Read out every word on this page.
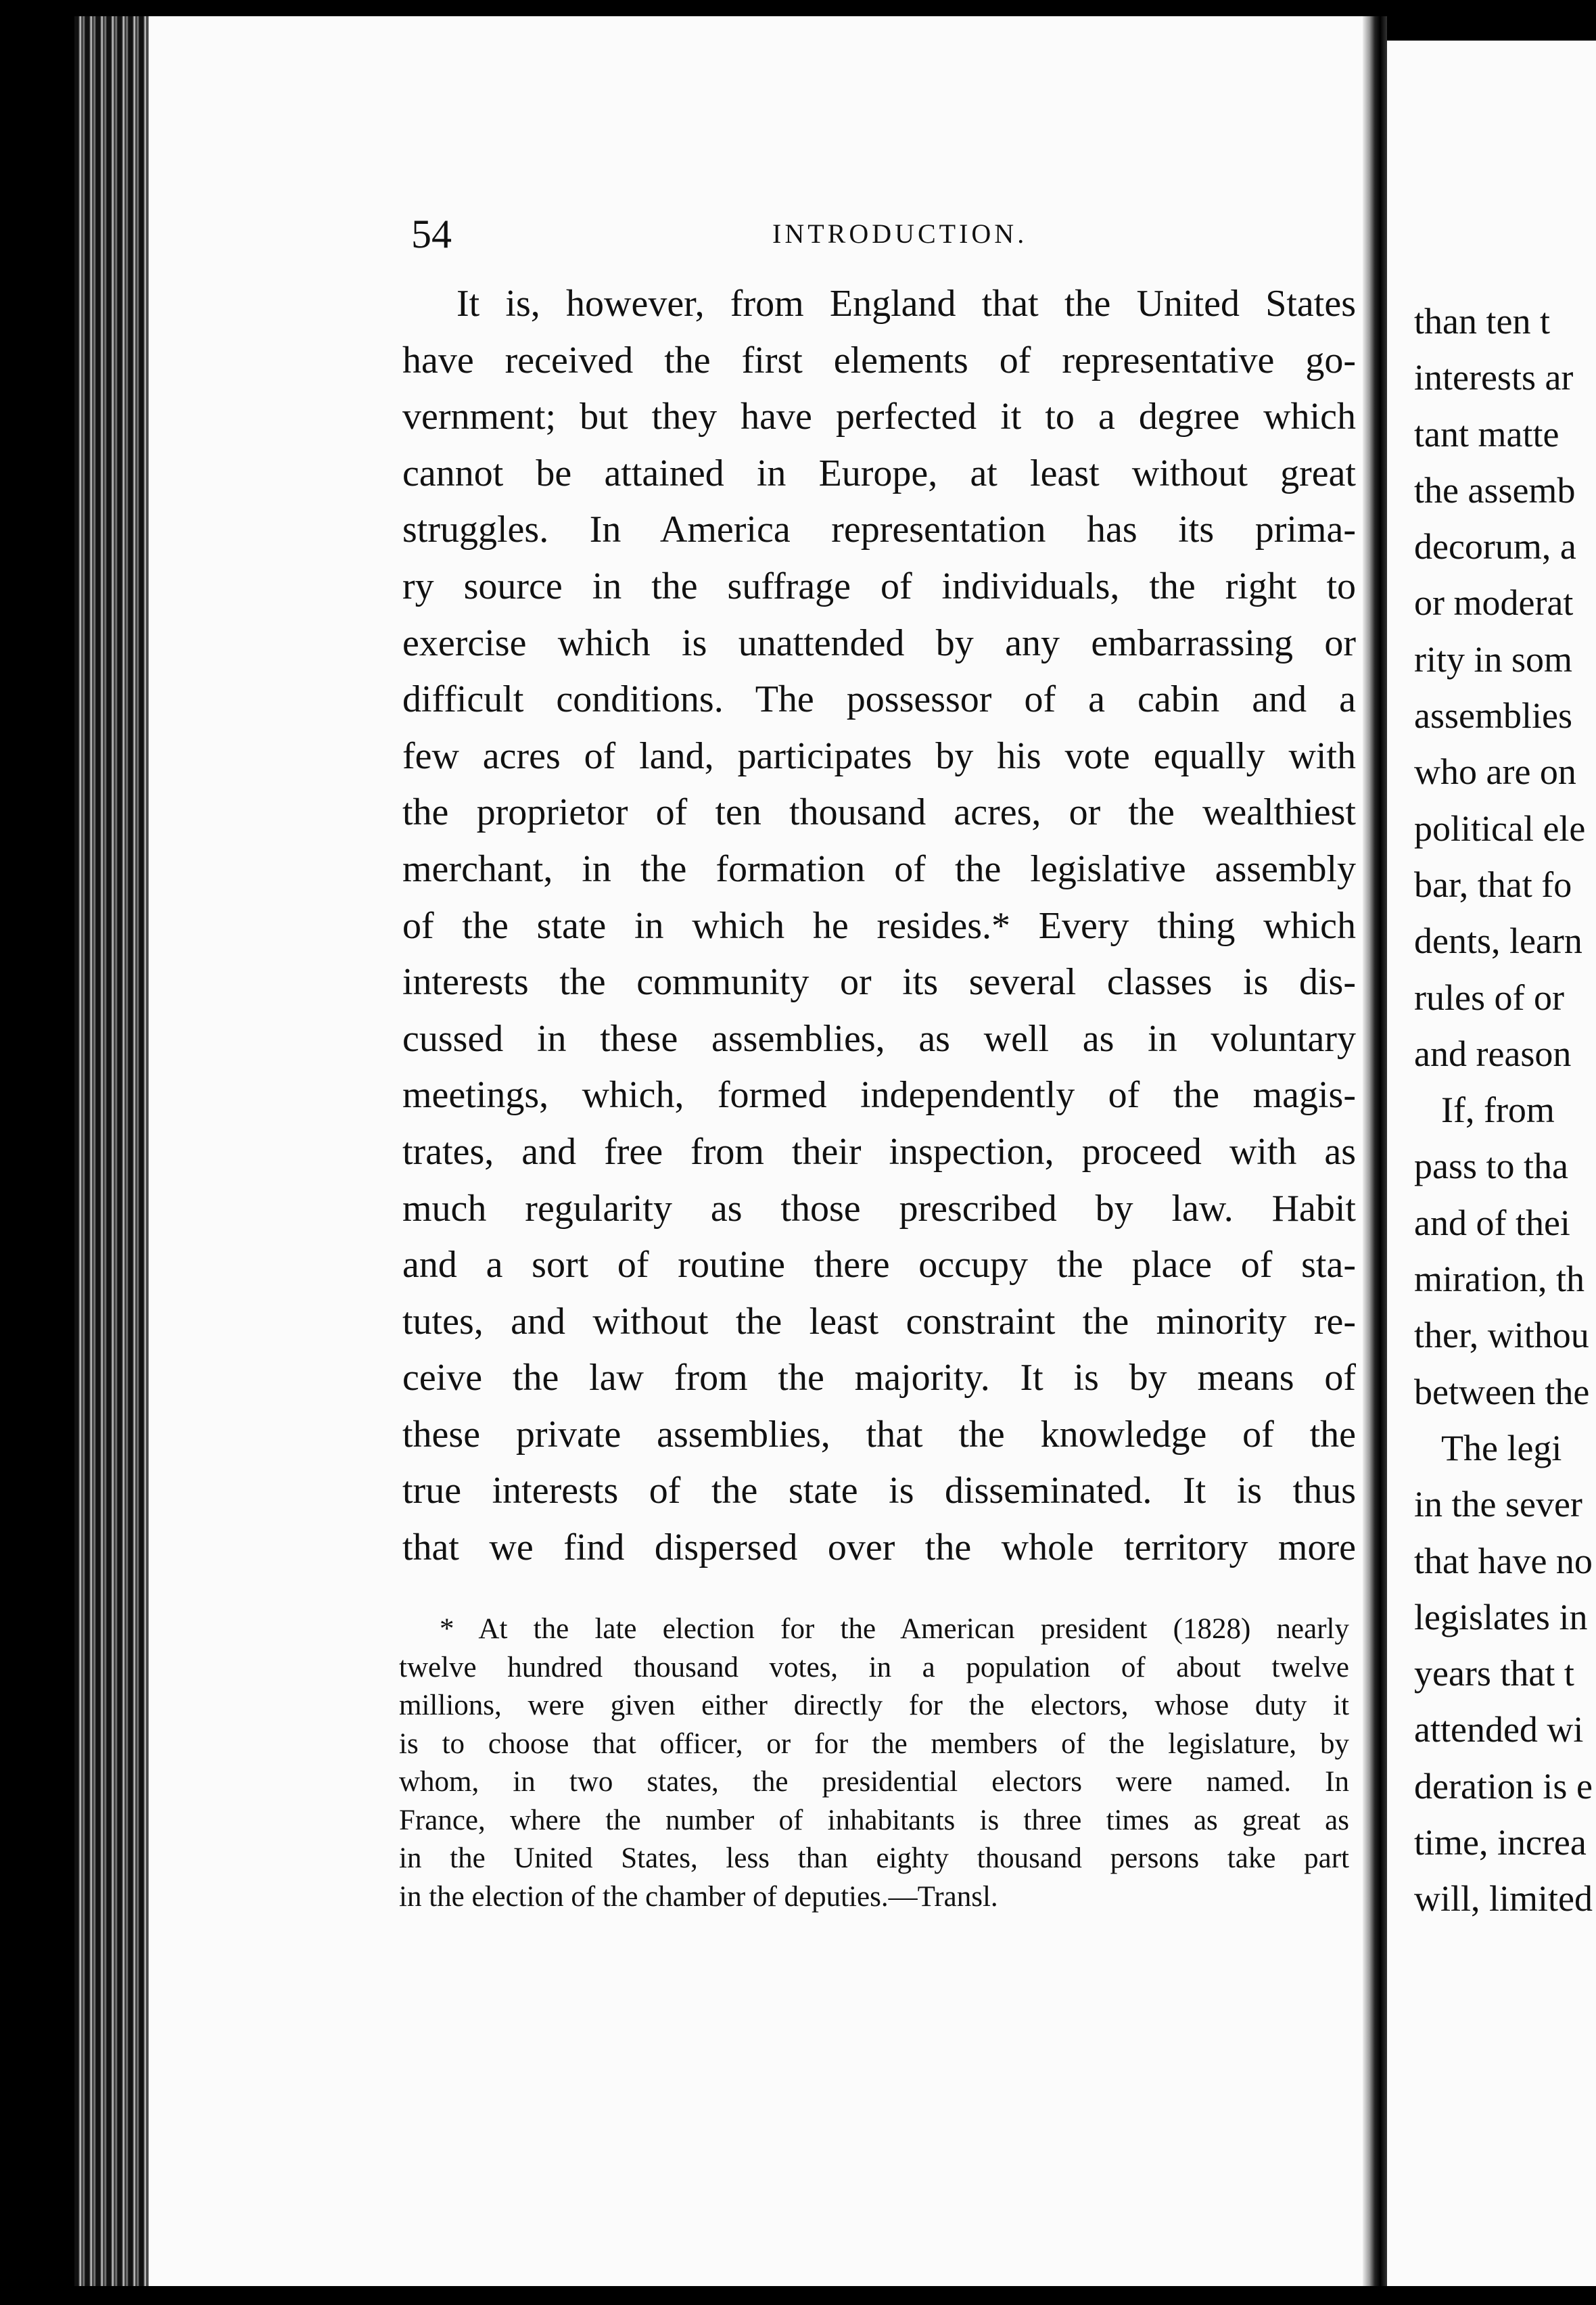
54	INTRODUCTION.
It is, however, from England that the United States
have received the first elements of representative go-
vernment; but they have perfected it to a degree which
cannot be attained in Europe, at least without great
struggles. In America representation has its prima-
ry source in the suffrage of individuals, the right to
exercise which is unattended by any embarrassing or
difficult conditions. The possessor of a cabin and a
few acres of land, participates by his vote equally with
the proprietor of ten thousand acres, or the wealthiest
merchant, in the formation of the legislative assembly
of the state in which he resides.* Every thing which
interests the community or its several classes is dis-
cussed in these assemblies, as well as in voluntary
meetings, which, formed independently of the magis-
trates, and free from their inspection, proceed with as
much regularity as those prescribed by law. Habit
and a sort of routine there occupy the place of sta-
tutes, and without the least constraint the minority re-
ceive the law from the majority. It is by means of
these private assemblies, that the knowledge of the
true interests of the state is disseminated. It is thus
that we find dispersed over the whole territory more
* At the late election for the American president (1828) nearly
twelve hundred thousand votes, in a population of about twelve
millions, were given either directly for the electors, whose duty it
is to choose that officer, or for the members of the legislature, by
whom, in two states, the presidential electors were named. In
France, where the number of inhabitants is three times as great as
in the United States, less than eighty thousand persons take part
in the election of the chamber of deputies.—Transl.
than ten t
interests ar
tant matte
the assemb
decorum, a
or moderat
rity in som
assemblies
who are on
political ele
bar, that fo
dents, learn
rules of or
and reason
If, from
pass to tha
and of thei
miration, th
ther, withou
between the
The legi
in the sever
that have no
legislates in
years that t
attended wi
deration is e
time, increa
will, limited
